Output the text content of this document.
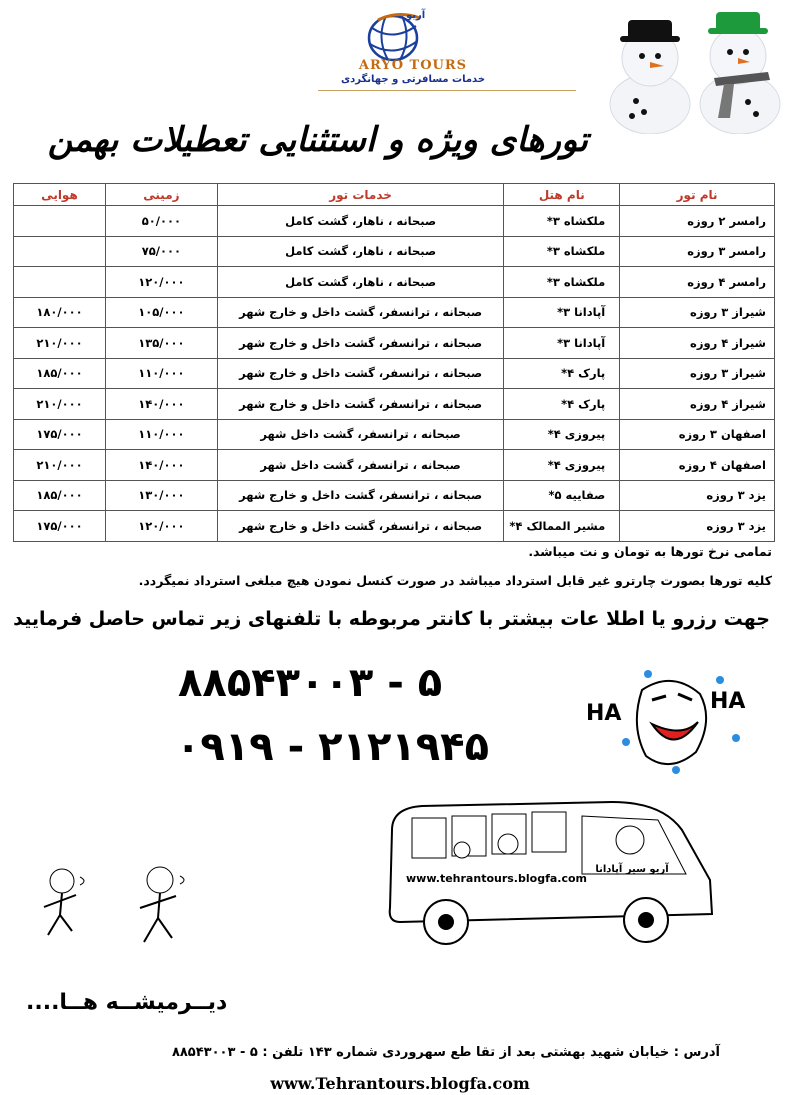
آریو
ARYO TOURS
خدمات مسافرتی و جهانگردی
تورهای ویژه و استثنایی تعطیلات بهمن
نام تور	نام هتل	خدمات تور	زمینی	هوایی
رامسر ۲ روزه	ملکشاه ۳*	صبحانه ، ناهار، گشت کامل	۵۰/۰۰۰	
رامسر ۳ روزه	ملکشاه ۳*	صبحانه ، ناهار، گشت کامل	۷۵/۰۰۰	
رامسر ۴ روزه	ملکشاه ۳*	صبحانه ، ناهار، گشت کامل	۱۲۰/۰۰۰	
شیراز ۳ روزه	آپادانا ۳*	صبحانه ، ترانسفر، گشت داخل و خارج شهر	۱۰۵/۰۰۰	۱۸۰/۰۰۰
شیراز ۴ روزه	آپادانا ۳*	صبحانه ، ترانسفر، گشت داخل و خارج شهر	۱۳۵/۰۰۰	۲۱۰/۰۰۰
شیراز ۳ روزه	پارک ۴*	صبحانه ، ترانسفر، گشت داخل و خارج شهر	۱۱۰/۰۰۰	۱۸۵/۰۰۰
شیراز ۴ روزه	پارک ۴*	صبحانه ، ترانسفر، گشت داخل و خارج شهر	۱۴۰/۰۰۰	۲۱۰/۰۰۰
اصفهان ۳ روزه	پیروزی ۴*	صبحانه ، ترانسفر، گشت داخل شهر	۱۱۰/۰۰۰	۱۷۵/۰۰۰
اصفهان ۴ روزه	پیروزی ۴*	صبحانه ، ترانسفر، گشت داخل شهر	۱۴۰/۰۰۰	۲۱۰/۰۰۰
یزد ۳ روزه	صفاییه ۵*	صبحانه ، ترانسفر، گشت داخل و خارج شهر	۱۳۰/۰۰۰	۱۸۵/۰۰۰
یزد ۳ روزه	مشیر الممالک ۴*	صبحانه ، ترانسفر، گشت داخل و خارج شهر	۱۲۰/۰۰۰	۱۷۵/۰۰۰
تمامی نرخ تورها به تومان و نت میباشد.
کلیه تورها بصورت چارترو غیر قابل استرداد میباشد در صورت کنسل نمودن هیچ مبلغی استرداد نمیگردد.
جهت رزرو یا اطلا عات بیشتر با کانتر مربوطه با تلفنهای زیر تماس حاصل فرمایید
۸۸۵۴۳۰۰۳ - ۵
۰۹۱۹ - ۲۱۲۱۹۴۵
HA	HA
www.tehrantours.blogfa.com
آریو سیر آپادانا
دیــرمیشــه هــا....
آدرس : خیابان شهید بهشتی بعد از تقا طع سهروردی شماره ۱۴۳ تلفن : ۵ - ۸۸۵۴۳۰۰۳
www.Tehrantours.blogfa.com
